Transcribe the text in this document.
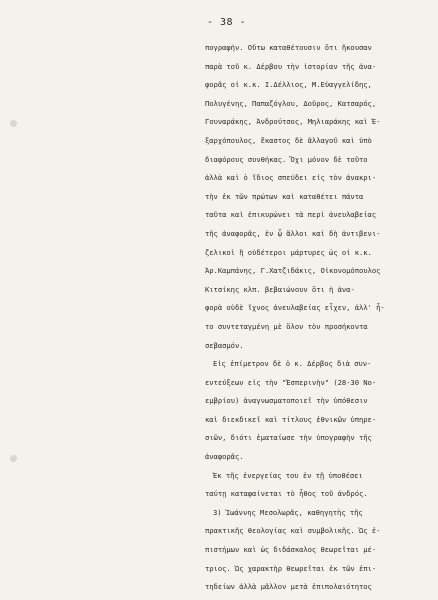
- 38 -
πογραφήν. Οὕτω καταθέτουσιν ὅτι ἤκουσαν
παρὰ τοῦ κ. Δέρβου τὴν ἱστορίαν τῆς ἀνα-
φορᾶς οἱ κ.κ. Ι.Δέλλιος, Μ.Εὐαγγελίδης,
Πολυγένης, Παπαζόγλου, Δοῦρος, Κατσαρός,
Γουναράκης, Ἀνδρούτσος, Μηλιαράκης καὶ Ἐ-
ξαρχόπουλος, ἕκαστος δὲ ἄλλαγοῦ καὶ ὑπὸ
διαφόρους συνθήκας. Ὄχι μόνον δὲ τοῦτο
ἀλλὰ καὶ ὁ ἴδιος σπεύδει εἰς τὸν ἀνακρι-
τὴν ἐκ τῶν πρώτων καὶ καταθέτει πάντα
ταῦτα καὶ ἐπικυρώνει τὰ περὶ ἀνευλαβείας
τῆς ἀναφορᾶς, ἐν ᾧ ἄλλοι καὶ δὴ ἀντιβενι-
ζελικοὶ ἢ οὐδέτεροι μάρτυρες ὡς οἱ κ.κ.
Ἀρ.Καμπάνης, Γ.Χατζιδάκις, Οἰκονομόπουλος
Κιτσίκης κλπ. βεβαιώνουν ὅτι ἡ ἀνα-
φορὰ οὐδὲ ἴχνος ἀνευλαβείας εἶχεν, ἀλλ' ἦ-
το συντεταγμένη μὲ ὅλον τὸν προσήκοντα
σεβασμόν.
Εἰς ἐπίμετρον δὲ ὁ κ. Δέρβος διὰ συν-
εντεύξεων εἰς τὴν "Ἑσπερινὴν" (28-30 Νο-
εμβρίου) ἀναγνωσματοποιεῖ τὴν ὑπόθεσιν
καὶ διεκδικεῖ καὶ τίτλους ἐθνικῶν ὑπηρε-
σιῶν, διότι ἐματαίωσε τὴν ὑπογραφὴν τῆς
ἀναφορᾶς.
Ἐκ τῆς ἐνεργείας του ἐν τῇ ὑποθέσει
ταύτῃ καταφαίνεται τὸ ἦθος τοῦ ἀνδρός.
3) Ἰωάννης Μεσολωρᾶς, καθηγητὴς τῆς
πρακτικῆς θεολογίας καὶ συμβολικῆς. Ὡς ἐ-
πιστήμων καὶ ὡς διδάσκαλος θεωρεῖται μέ-
τριος. Ὡς χαρακτὴρ θεωρεῖται ἐκ τῶν ἐπι-
τηδείων ἀλλὰ μᾶλλον μετὰ ἐπιπολαιότητος
